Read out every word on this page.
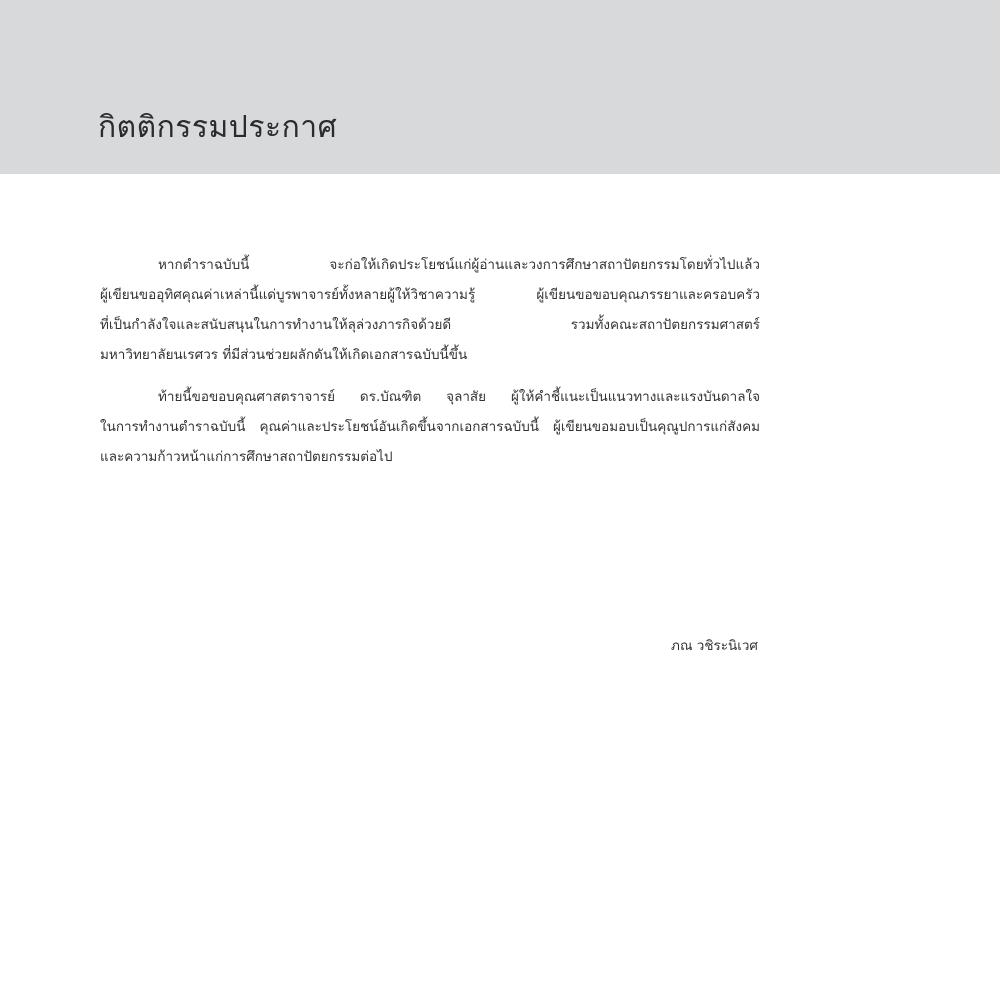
กิตติกรรมประกาศ
หากตำราฉบับนี้ จะก่อให้เกิดประโยชน์แก่ผู้อ่านและวงการศึกษาสถาปัตยกรรมโดยทั่วไปแล้ว
ผู้เขียนขออุทิศคุณค่าเหล่านี้แด่บูรพาจารย์ทั้งหลายผู้ให้วิชาความรู้ ผู้เขียนขอขอบคุณภรรยาและครอบครัว
ที่เป็นกำลังใจและสนับสนุนในการทำงานให้ลุล่วงภารกิจด้วยดี รวมทั้งคณะสถาปัตยกรรมศาสตร์
มหาวิทยาลัยนเรศวร ที่มีส่วนช่วยผลักดันให้เกิดเอกสารฉบับนี้ขึ้น
ท้ายนี้ขอขอบคุณศาสตราจารย์ ดร.บัณฑิต จุลาสัย ผู้ให้คำชี้แนะเป็นแนวทางและแรงบันดาลใจ
ในการทำงานตำราฉบับนี้ คุณค่าและประโยชน์อันเกิดขึ้นจากเอกสารฉบับนี้ ผู้เขียนขอมอบเป็นคุณูปการแก่สังคม
และความก้าวหน้าแก่การศึกษาสถาปัตยกรรมต่อไป
ภณ วชิระนิเวศ
